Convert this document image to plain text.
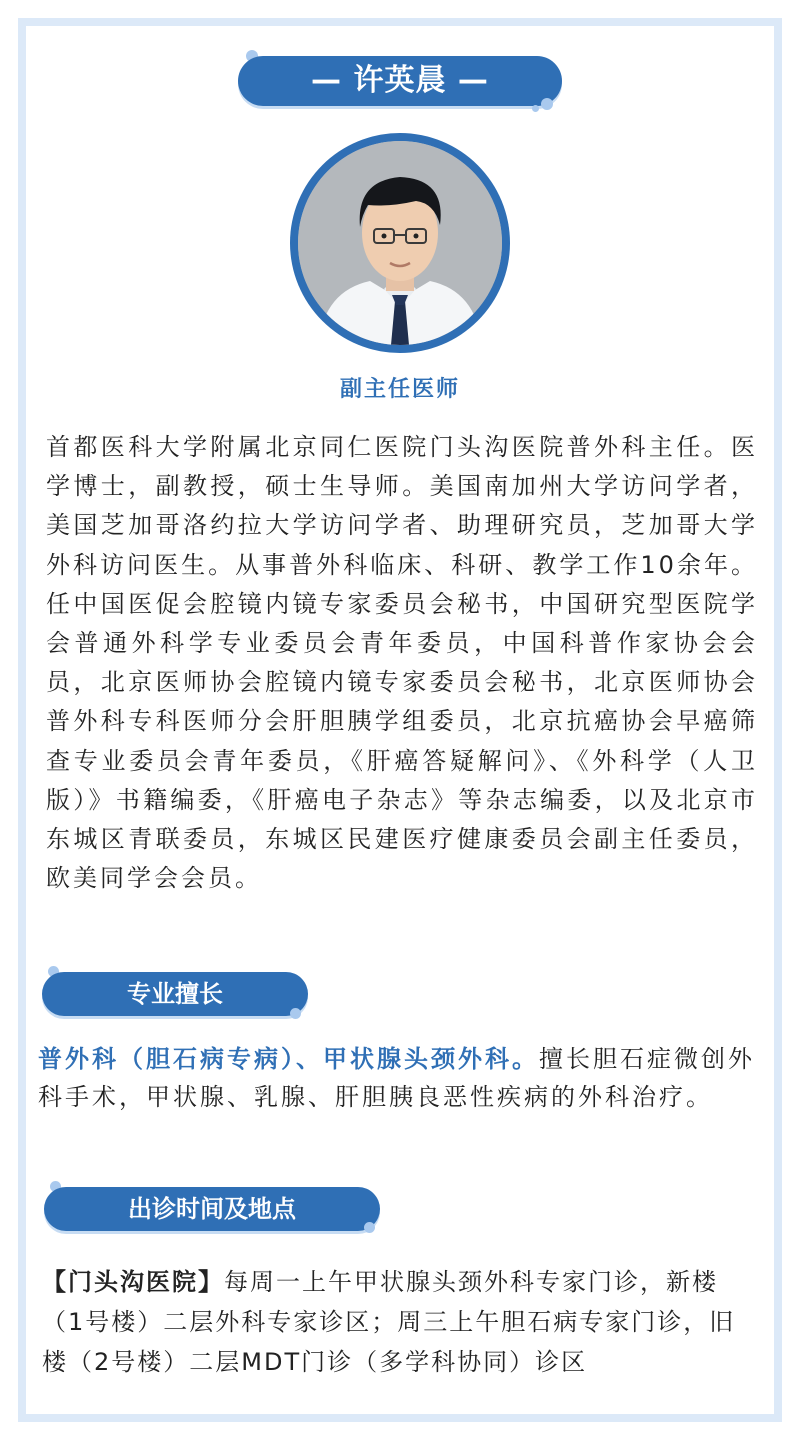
— 许英晨 —
副主任医师

首都医科大学附属北京同仁医院门头沟医院普外科主任。医学博士，副教授，硕士生导师。美国南加州大学访问学者，美国芝加哥洛约拉大学访问学者、助理研究员，芝加哥大学外科访问医生。从事普外科临床、科研、教学工作10余年。任中国医促会腔镜内镜专家委员会秘书，中国研究型医院学会普通外科学专业委员会青年委员，中国科普作家协会会员，北京医师协会腔镜内镜专家委员会秘书，北京医师协会普外科专科医师分会肝胆胰学组委员，北京抗癌协会早癌筛查专业委员会青年委员，《肝癌答疑解问》、《外科学（人卫版）》书籍编委，《肝癌电子杂志》等杂志编委，以及北京市东城区青联委员，东城区民建医疗健康委员会副主任委员，欧美同学会会员。

专业擅长

普外科（胆石病专病）、甲状腺头颈外科。擅长胆石症微创外科手术，甲状腺、乳腺、肝胆胰良恶性疾病的外科治疗。

出诊时间及地点

【门头沟医院】每周一上午甲状腺头颈外科专家门诊，新楼（1号楼）二层外科专家诊区；周三上午胆石病专家门诊，旧楼（2号楼）二层MDT门诊（多学科协同）诊区
